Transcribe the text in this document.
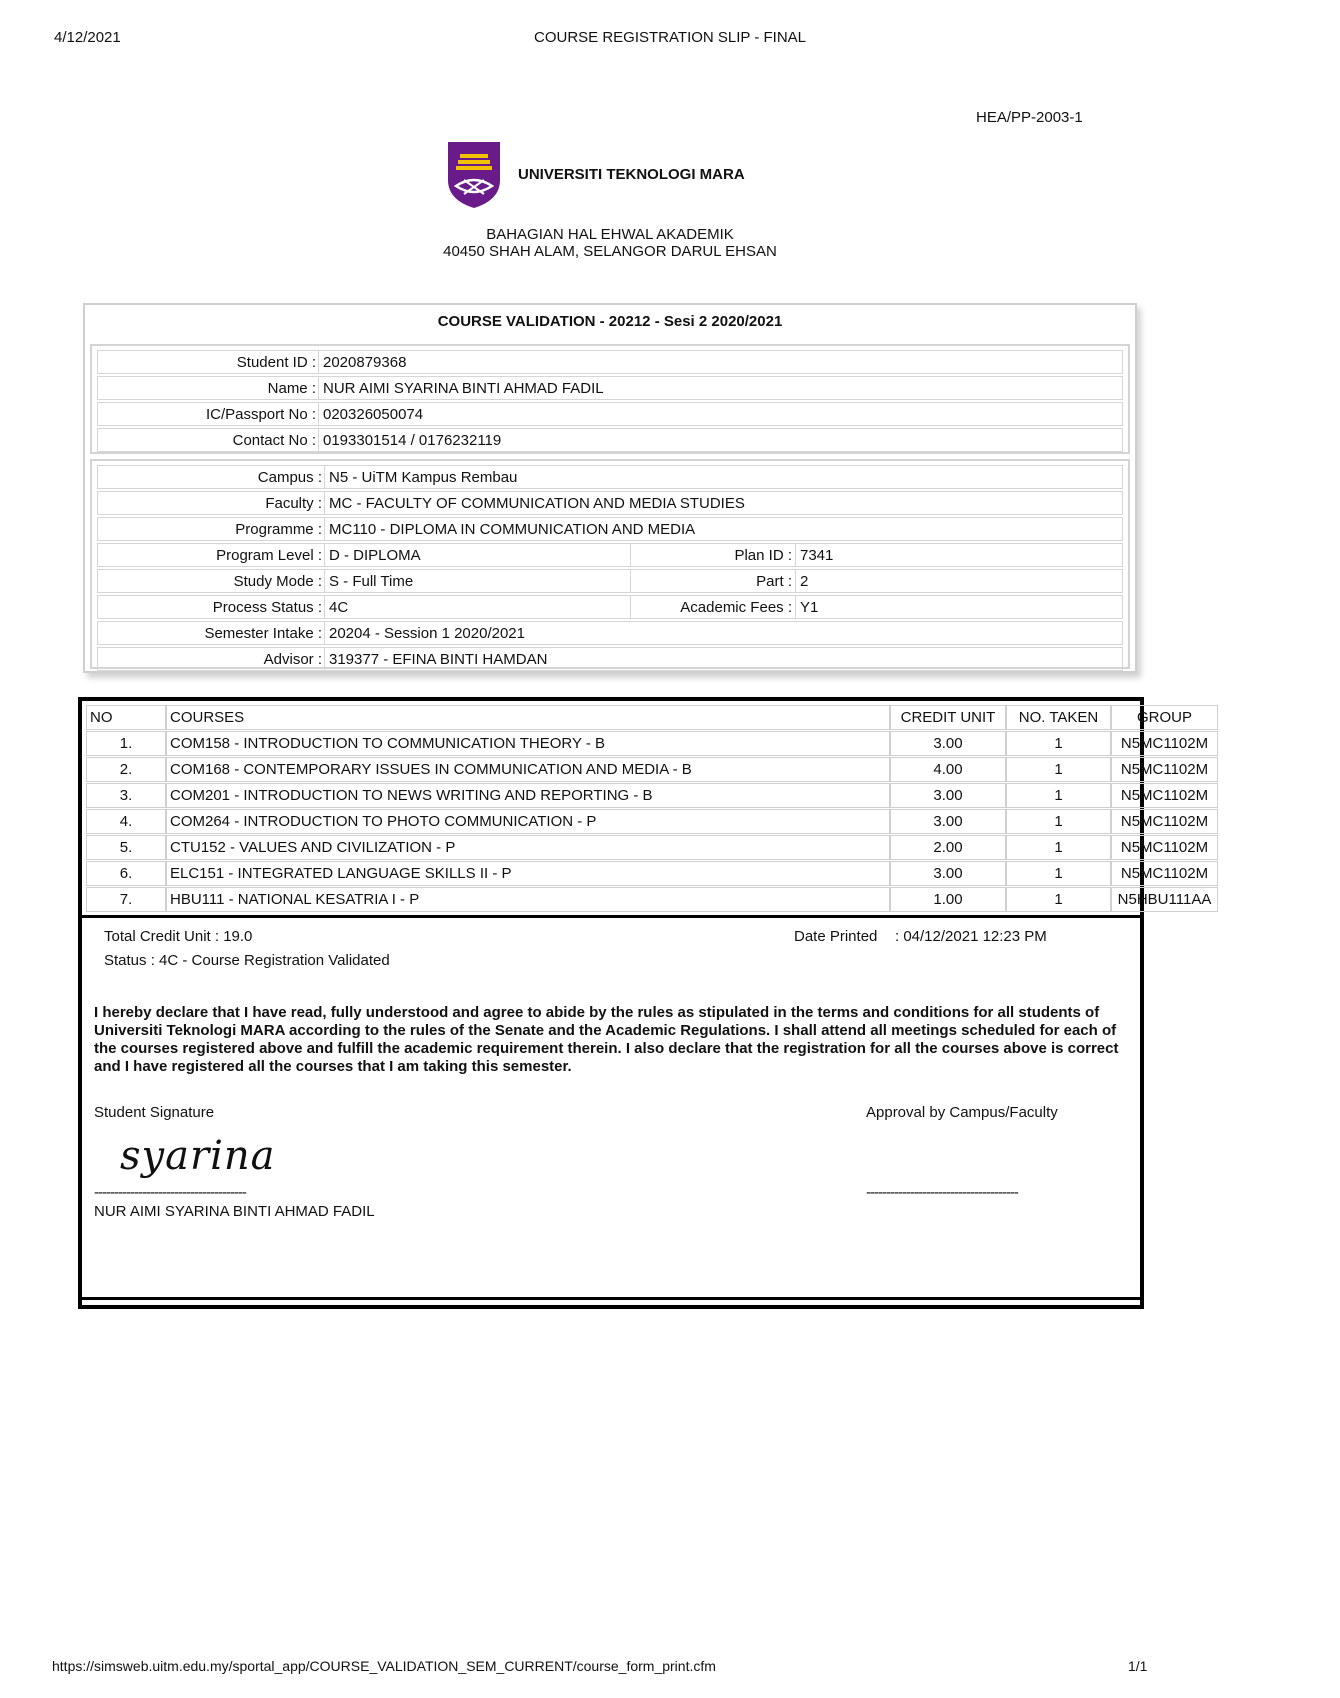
4/12/2021	COURSE REGISTRATION SLIP - FINAL
HEA/PP-2003-1
UNIVERSITI TEKNOLOGI MARA
BAHAGIAN HAL EHWAL AKADEMIK
40450 SHAH ALAM, SELANGOR DARUL EHSAN
COURSE VALIDATION - 20212 - Sesi 2 2020/2021
Student ID : 2020879368
Name : NUR AIMI SYARINA BINTI AHMAD FADIL
IC/Passport No : 020326050074
Contact No : 0193301514 / 0176232119
Campus : N5 - UiTM Kampus Rembau
Faculty : MC - FACULTY OF COMMUNICATION AND MEDIA STUDIES
Programme : MC110 - DIPLOMA IN COMMUNICATION AND MEDIA
Program Level : D - DIPLOMA	Plan ID : 7341
Study Mode : S - Full Time	Part : 2
Process Status : 4C	Academic Fees : Y1
Semester Intake : 20204 - Session 1 2020/2021
Advisor : 319377 - EFINA BINTI HAMDAN
NO	COURSES	CREDIT UNIT	NO. TAKEN	GROUP
1.	COM158 - INTRODUCTION TO COMMUNICATION THEORY - B	3.00	1	N5MC1102M
2.	COM168 - CONTEMPORARY ISSUES IN COMMUNICATION AND MEDIA - B	4.00	1	N5MC1102M
3.	COM201 - INTRODUCTION TO NEWS WRITING AND REPORTING - B	3.00	1	N5MC1102M
4.	COM264 - INTRODUCTION TO PHOTO COMMUNICATION - P	3.00	1	N5MC1102M
5.	CTU152 - VALUES AND CIVILIZATION - P	2.00	1	N5MC1102M
6.	ELC151 - INTEGRATED LANGUAGE SKILLS II - P	3.00	1	N5MC1102M
7.	HBU111 - NATIONAL KESATRIA I - P	1.00	1	N5HBU111AA
Total Credit Unit : 19.0
Status : 4C - Course Registration Validated
Date Printed : 04/12/2021 12:23 PM
I hereby declare that I have read, fully understood and agree to abide by the rules as stipulated in the terms and conditions for all students of Universiti Teknologi MARA according to the rules of the Senate and the Academic Regulations. I shall attend all meetings scheduled for each of the courses registered above and fulfill the academic requirement therein. I also declare that the registration for all the courses above is correct and I have registered all the courses that I am taking this semester.
Student Signature	Approval by Campus/Faculty
syarina
--------------------------------------	--------------------------------------
NUR AIMI SYARINA BINTI AHMAD FADIL
https://simsweb.uitm.edu.my/sportal_app/COURSE_VALIDATION_SEM_CURRENT/course_form_print.cfm	1/1
